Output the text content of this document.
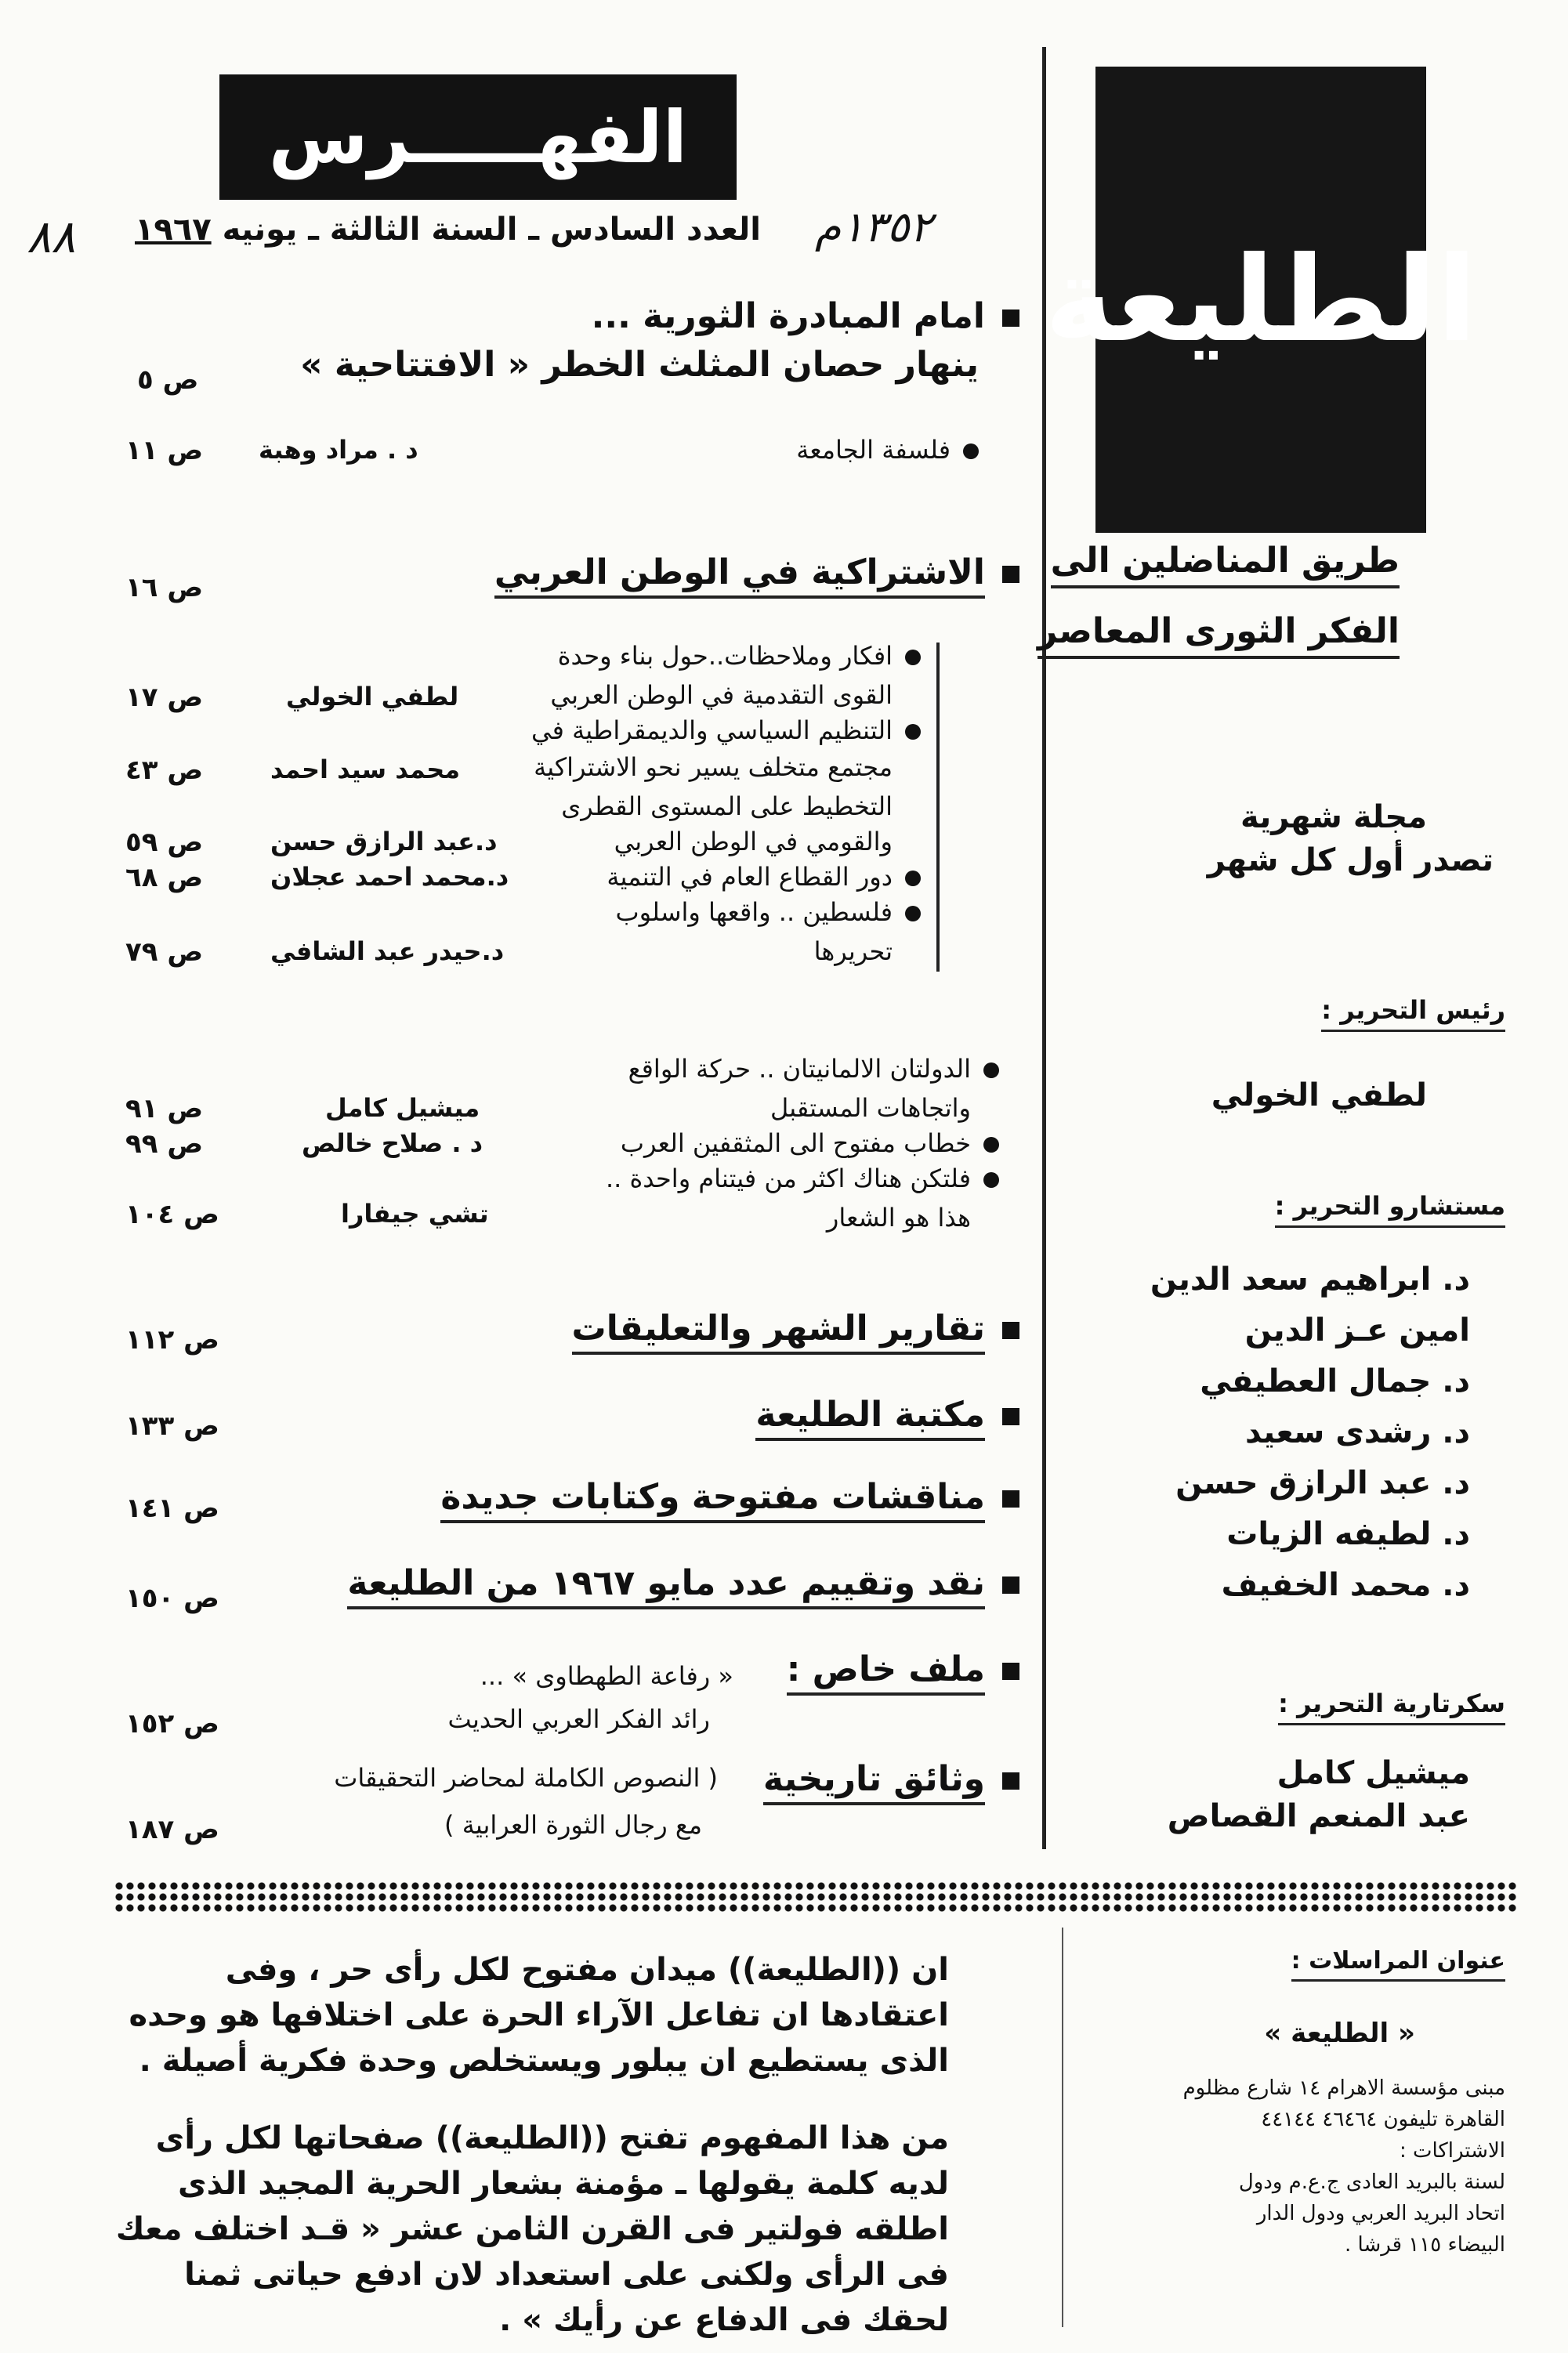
الفهـــــرس
١٣٥٢م
٨٨	العدد السادس ـ السنة الثالثة ـ يونيه ١٩٦٧
امام المبادرة الثورية ...
ينهار حصان المثلث الخطر « الافتتاحية »
ص ٥
فلسفة الجامعة
د . مراد وهبة
ص ١١
الاشتراكية في الوطن العربي
ص ١٦
افكار وملاحظات..حول بناء وحدة
القوى التقدمية في الوطن العربي
لطفي الخولي
ص ١٧
التنظيم السياسي والديمقراطية في
مجتمع متخلف يسير نحو الاشتراكية
محمد سيد احمد
ص ٤٣
التخطيط على المستوى القطرى
والقومي في الوطن العربي
د.عبد الرازق حسن
ص ٥٩
دور القطاع العام في التنمية
د.محمد احمد عجلان
ص ٦٨
فلسطين .. واقعها واسلوب
تحريرها
د.حيدر عبد الشافي
ص ٧٩
الدولتان الالمانيتان .. حركة الواقع
واتجاهات المستقبل
ميشيل كامل
ص ٩١
خطاب مفتوح الى المثقفين العرب
د . صلاح خالص
ص ٩٩
فلتكن هناك اكثر من فيتنام واحدة ..
هذا هو الشعار
تشي جيفارا
ص ١٠٤
تقارير الشهر والتعليقات
ص ١١٢
مكتبة الطليعة
ص ١٣٣
مناقشات مفتوحة وكتابات جديدة
ص ١٤١
نقد وتقييم عدد مايو ١٩٦٧ من الطليعة
ص ١٥٠
ملف خاص :
« رفاعة الطهطاوى » ...
رائد الفكر العربي الحديث
ص ١٥٢
وثائق تاريخية
( النصوص الكاملة لمحاضر التحقيقات
مع رجال الثورة العرابية )
ص ١٨٧
الطليعة
طريق المناضلين الى
الفكر الثورى المعاصر
مجلة شهرية
تصدر أول كل شهر
رئيس التحرير :
لطفي الخولي
مستشارو التحرير :
د. ابراهيم سعد الدين
امين عـز الدين
د. جمال العطيفي
د. رشدى سعيد
د. عبد الرازق حسن
د. لطيفه الزيات
د. محمد الخفيف
سكرتارية التحرير :
ميشيل كامل
عبد المنعم القصاص
ان ((الطليعة)) ميدان مفتوح لكل رأى حر ، وفى اعتقادها ان تفاعل الآراء الحرة على اختلافها هو وحده الذى يستطيع ان يبلور ويستخلص وحدة فكرية أصيلة .
من هذا المفهوم تفتح ((الطليعة)) صفحاتها لكل رأى لديه كلمة يقولها ـ مؤمنة بشعار الحرية المجيد الذى اطلقه فولتير فى القرن الثامن عشر « قـد اختلف معك فى الرأى ولكنى على استعداد لان ادفع حياتى ثمنا لحقك فى الدفاع عن رأيك » .
عنوان المراسلات :
« الطليعة »
مبنى مؤسسة الاهرام ١٤ شارع مظلوم
القاهرة تليفون ٤٦٤٦٤ ٤٤١٤٤
الاشتراكات :
لسنة بالبريد العادى ج.ع.م ودول
اتحاد البريد العربي ودول الدار
البيضاء ١١٥ قرشا .
